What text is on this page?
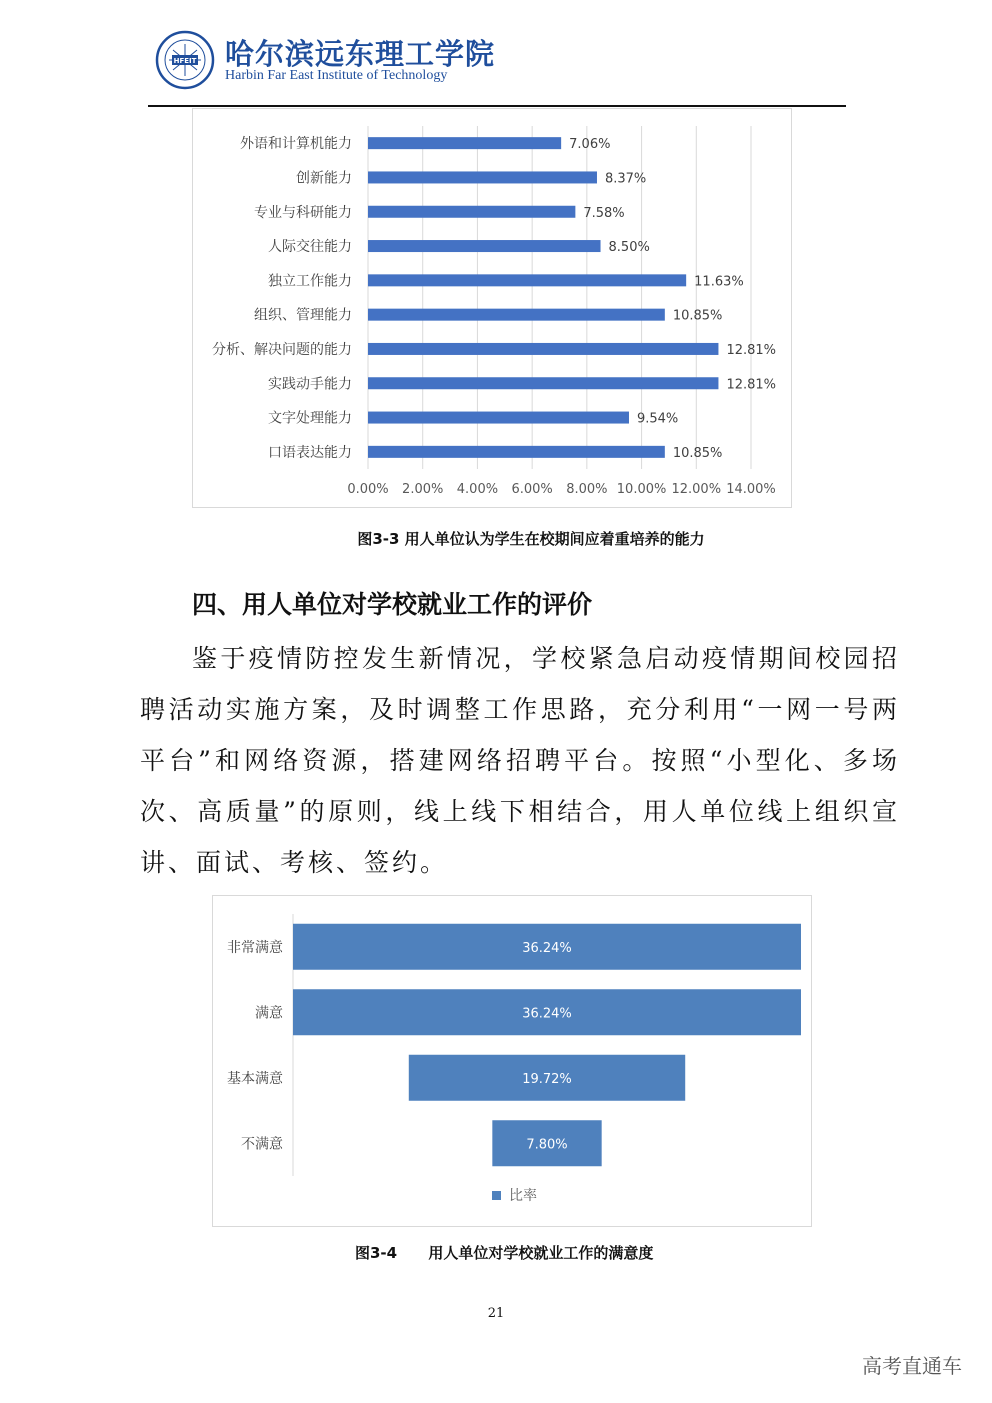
HFEIT 哈尔滨远东理工学院
Harbin Far East Institute of Technology
0.00% 2.00% 4.00% 6.00% 8.00% 10.00% 12.00% 14.00%
外语和计算机能力	7.06%
创新能力	8.37%
专业与科研能力	7.58%
人际交往能力	8.50%
独立工作能力	11.63%
组织、管理能力	10.85%
分析、解决问题的能力	12.81%
实践动手能力	12.81%
文字处理能力	9.54%
口语表达能力	10.85%
图3-3 用人单位认为学生在校期间应着重培养的能力
四、用人单位对学校就业工作的评价

鉴于疫情防控发生新情况，学校紧急启动疫情期间校园招聘活动实施方案，及时调整工作思路，充分利用“一网一号两平台”和网络资源，搭建网络招聘平台。按照“小型化、多场次、高质量”的原则，线上线下相结合，用人单位线上组织宣讲、面试、考核、签约。

非常满意	36.24%
满意	36.24%
基本满意	19.72%
不满意	7.80%
比率
图3-4      用人单位对学校就业工作的满意度
21
高考直通车
